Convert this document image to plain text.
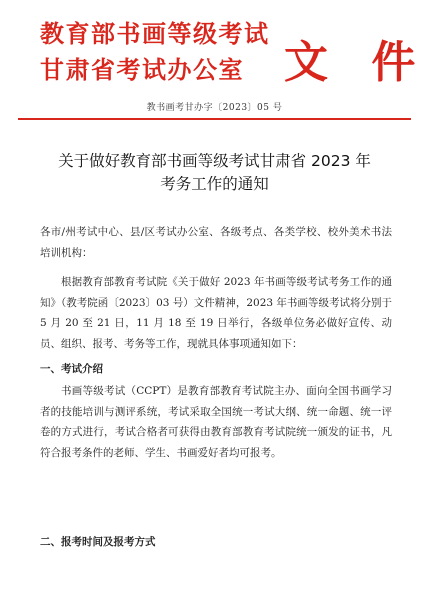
教育部书画等级考试
甘肃省考试办公室 文 件
教书画考甘办字〔2023〕05 号
关于做好教育部书画等级考试甘肃省 2023 年
考务工作的通知
各市/州考试中心、县/区考试办公室、各级考点、各类学校、校外美术书法培训机构：
根据教育部教育考试院《关于做好 2023 年书画等级考试考务工作的通知》（教考院函〔2023〕03 号）文件精神，2023 年书画等级考试将分别于 5 月 20 至 21 日，11 月 18 至 19 日举行，各级单位务必做好宣传、动员、组织、报考、考务等工作，现就具体事项通知如下：
一、考试介绍
书画等级考试（CCPT）是教育部教育考试院主办、面向全国书画学习者的技能培训与测评系统，考试采取全国统一考试大纲、统一命题、统一评卷的方式进行，考试合格者可获得由教育部教育考试院统一颁发的证书，凡符合报考条件的老师、学生、书画爱好者均可报考。
二、报考时间及报考方式
